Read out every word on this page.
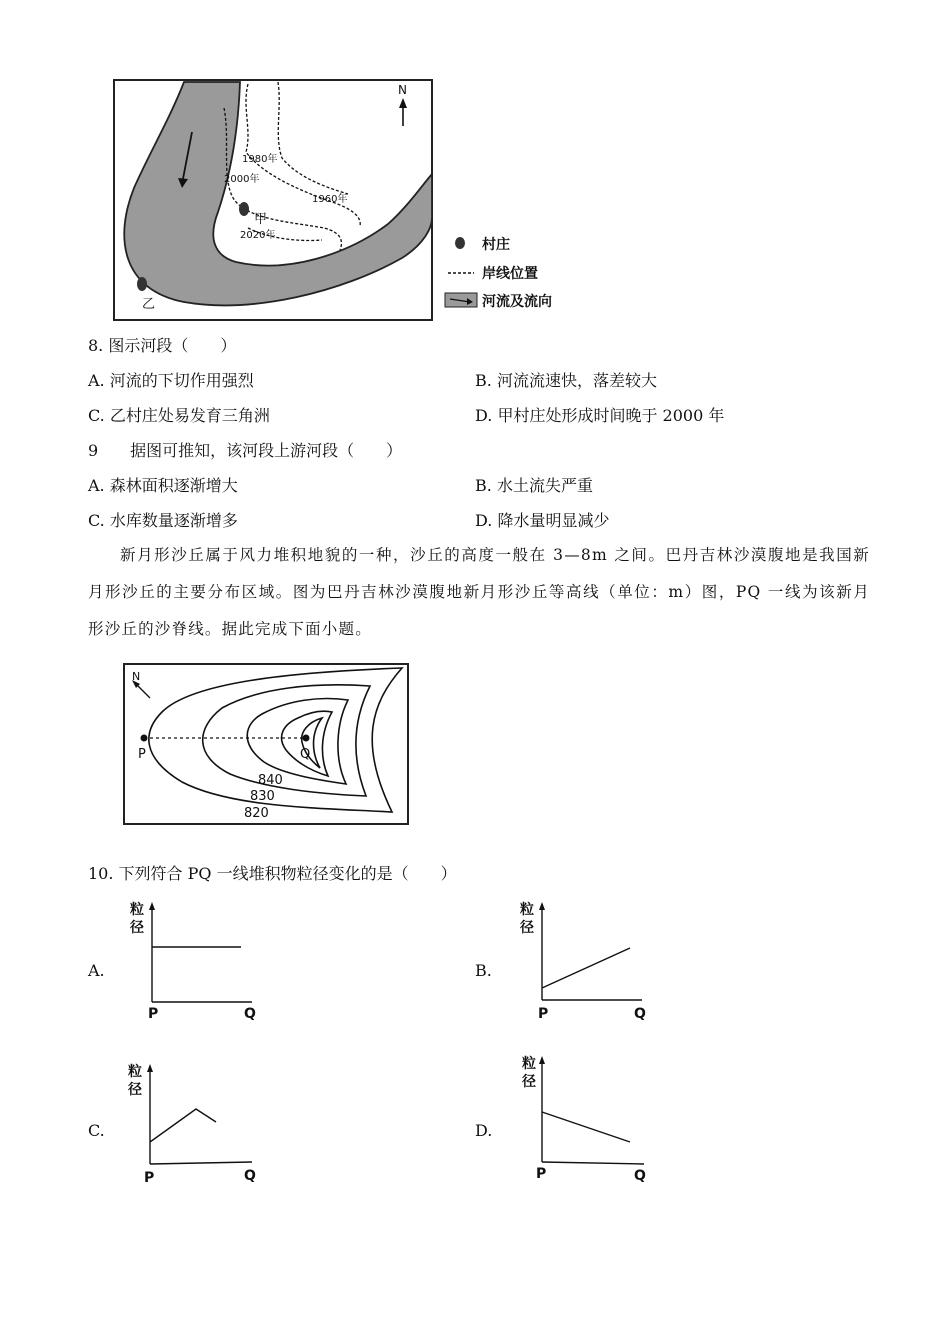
1980年
2000年
1960年
2020年
甲
乙
N
村庄
岸线位置
河流及流向
8. 图示河段（　　）
A. 河流的下切作用强烈	B. 河流流速快，落差较大
C. 乙村庄处易发育三角洲	D. 甲村庄处形成时间晚于 2000 年
9　　据图可推知，该河段上游河段（　　）
A. 森林面积逐渐增大	B. 水土流失严重
C. 水库数量逐渐增多	D. 降水量明显减少
新月形沙丘属于风力堆积地貌的一种，沙丘的高度一般在 3—8m 之间。巴丹吉林沙漠腹地是我国新月形沙丘的主要分布区域。图为巴丹吉林沙漠腹地新月形沙丘等高线（单位：m）图，PQ 一线为该新月形沙丘的沙脊线。据此完成下面小题。
P	Q
840
830
820
N
10. 下列符合 PQ 一线堆积物粒径变化的是（　　）
A.
粒
径
P	Q
B.
粒
径
P	Q
C.
粒
径
P	Q
D.
粒
径
P	Q
